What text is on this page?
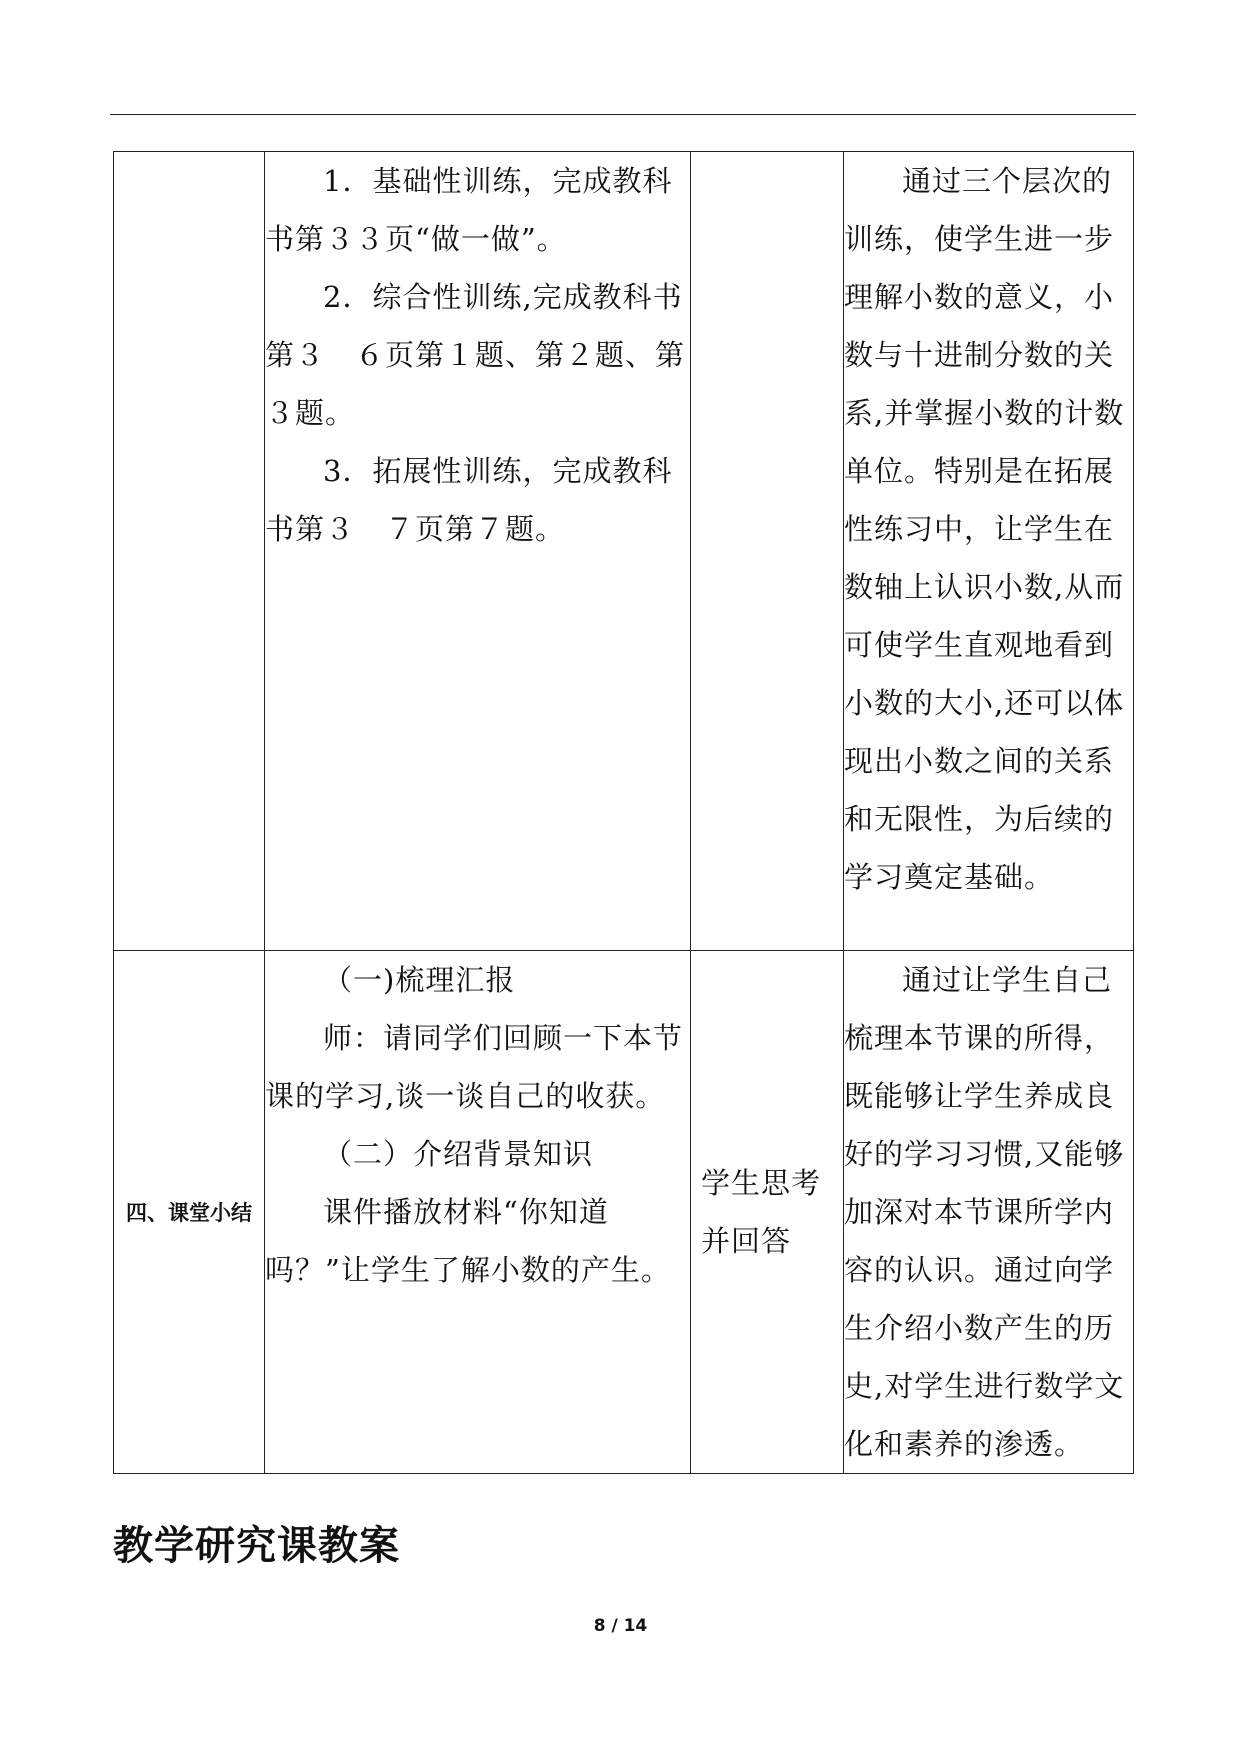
	1．基础性训练，完成教科书第３３页“做一做”。

2．综合性训练,完成教科书第３　６页第１题、第２题、第３题。

3．拓展性训练，完成教科书第３　７页第７题。		通过三个层次的训练，使学生进一步理解小数的意义，小数与十进制分数的关系,并掌握小数的计数单位。特别是在拓展性练习中，让学生在数轴上认识小数,从而可使学生直观地看到小数的大小,还可以体现出小数之间的关系和无限性，为后续的学习奠定基础。

四、课堂小结	（一)梳理汇报

师：请同学们回顾一下本节课的学习,谈一谈自己的收获。

（二）介绍背景知识

课件播放材料“你知道吗？”让学生了解小数的产生。	学生思考并回答	通过让学生自己梳理本节课的所得，既能够让学生养成良好的学习习惯,又能够加深对本节课所学内容的认识。通过向学生介绍小数产生的历史,对学生进行数学文化和素养的渗透。

教学研究课教案
8 / 14
